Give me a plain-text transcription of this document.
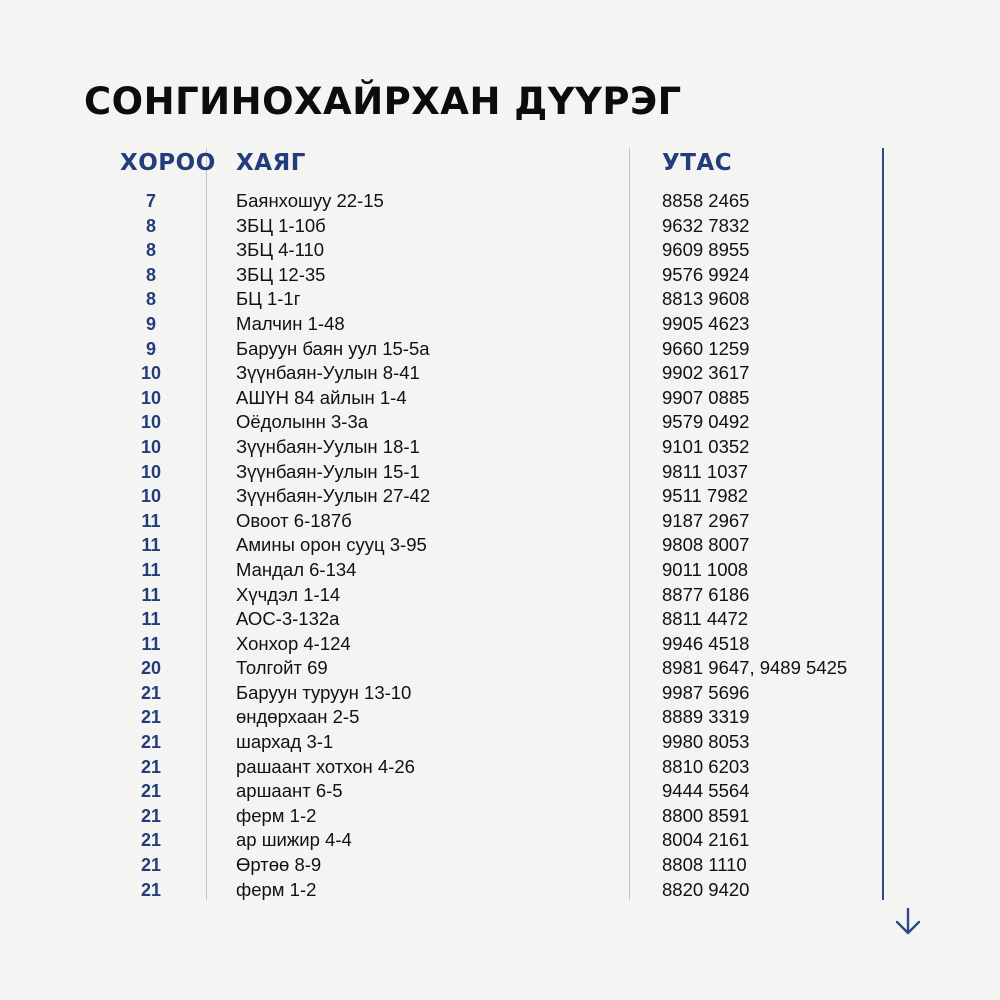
СОНГИНОХАЙРХАН ДҮҮРЭГ
ХОРОО ХАЯГ	УТАС
7	Баянхошуу 22-15	8858 2465
8	ЗБЦ 1-10б	9632 7832
8	ЗБЦ 4-110	9609 8955
8	ЗБЦ 12-35	9576 9924
8	БЦ 1-1г	8813 9608
9	Малчин 1-48	9905 4623
9	Баруун баян уул 15-5а	9660 1259
10	Зүүнбаян-Уулын 8-41	9902 3617
10	АШҮН 84 айлын 1-4	9907 0885
10	Оёдолынн 3-3а	9579 0492
10	Зүүнбаян-Уулын 18-1	9101 0352
10	Зүүнбаян-Уулын 15-1	9811 1037
10	Зүүнбаян-Уулын 27-42	9511 7982
11	Овоот 6-187б	9187 2967
11	Амины орон сууц 3-95	9808 8007
11	Мандал 6-134	9011 1008
11	Хүчдэл 1-14	8877 6186
11	АОС-3-132а	8811 4472
11	Хонхор 4-124	9946 4518
20	Толгойт 69	8981 9647, 9489 5425
21	Баруун туруун 13-10	9987 5696
21	өндөрхаан 2-5	8889 3319
21	шархад 3-1	9980 8053
21	рашаант хотхон 4-26	8810 6203
21	аршаант 6-5	9444 5564
21	ферм 1-2	8800 8591
21	ар шижир 4-4	8004 2161
21	Өртөө 8-9	8808 1110
21	ферм 1-2	8820 9420
